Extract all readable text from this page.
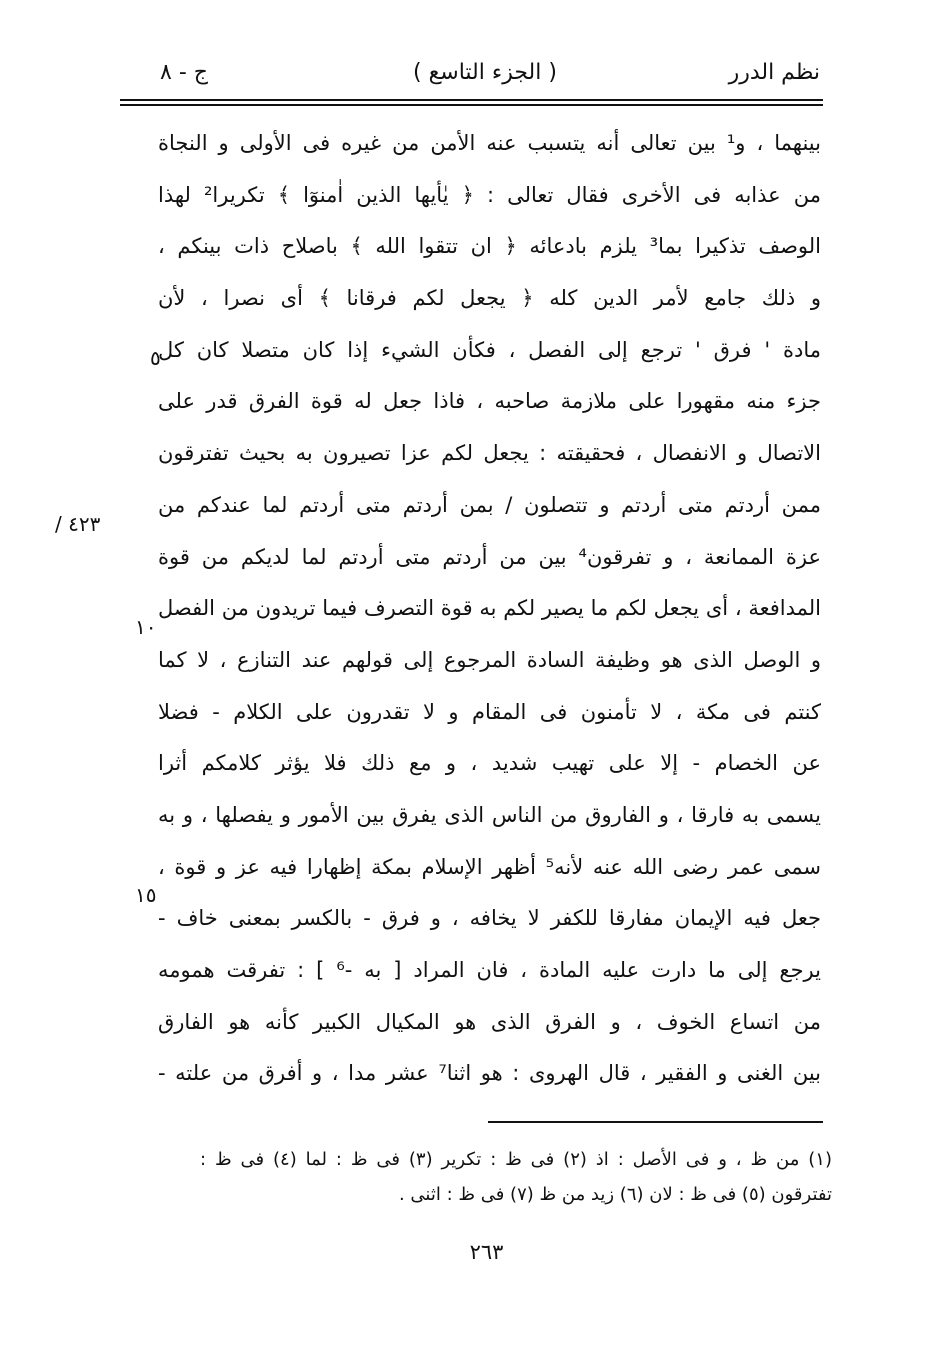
نظم الدرر
( الجزء التاسع )
ج - ٨
بينهما ، و¹ بين تعالى أنه يتسبب عنه الأمن من غيره فى الأولى و النجاة
من عذابه فى الأخرى فقال تعالى : ﴿ يٰأيها الذين اٰمنوٓا ﴾ تكريرا² لهذا
الوصف تذكيرا بما³ يلزم بادعائه ﴿ ان تتقوا الله ﴾ باصلاح ذات بينكم ،
و ذلك جامع لأمر الدين كله ﴿ يجعل لكم فرقانا ﴾ أى نصرا ، لأن
مادة ' فرق ' ترجع إلى الفصل ، فكأن الشيء إذا كان متصلا كان كل
جزء منه مقهورا على ملازمة صاحبه ، فاذا جعل له قوة الفرق قدر على
الاتصال و الانفصال ، فحقيقته : يجعل لكم عزا تصيرون به بحيث تفترقون
ممن أردتم متى أردتم و تتصلون / بمن أردتم متى أردتم لما عندكم من
عزة الممانعة ، و تفرقون⁴ بين من أردتم متى أردتم لما لديكم من قوة
المدافعة ، أى يجعل لكم ما يصير لكم به قوة التصرف فيما تريدون من الفصل
و الوصل الذى هو وظيفة السادة المرجوع إلى قولهم عند التنازع ، لا كما
كنتم فى مكة ، لا تأمنون فى المقام و لا تقدرون على الكلام - فضلا
عن الخصام - إلا على تهيب شديد ، و مع ذلك فلا يؤثر كلامكم أثرا
يسمى به فارقا ، و الفاروق من الناس الذى يفرق بين الأمور و يفصلها ، و به
سمى عمر رضى الله عنه لأنه⁵ أظهر الإسلام بمكة إظهارا فيه عز و قوة ،
جعل فيه الإيمان مفارقا للكفر لا يخافه ، و فرق - بالكسر بمعنى خاف -
يرجع إلى ما دارت عليه المادة ، فان المراد [ به -⁶ ] : تفرقت همومه
من اتساع الخوف ، و الفرق الذى هو المكيال الكبير كأنه هو الفارق
بين الغنى و الفقير ، قال الهروى : هو اثنا⁷ عشر مدا ، و أفرق من علته -
٥
١٠
١٥
٤٢٣ /
(١) من ظ ، و فى الأصل : اذ (٢) فى ظ : تكرير (٣) فى ظ : لما (٤) فى ظ :
تفترقون (٥) فى ظ : لان (٦) زيد من ظ (٧) فى ظ : اثنى .
٢٦٣
